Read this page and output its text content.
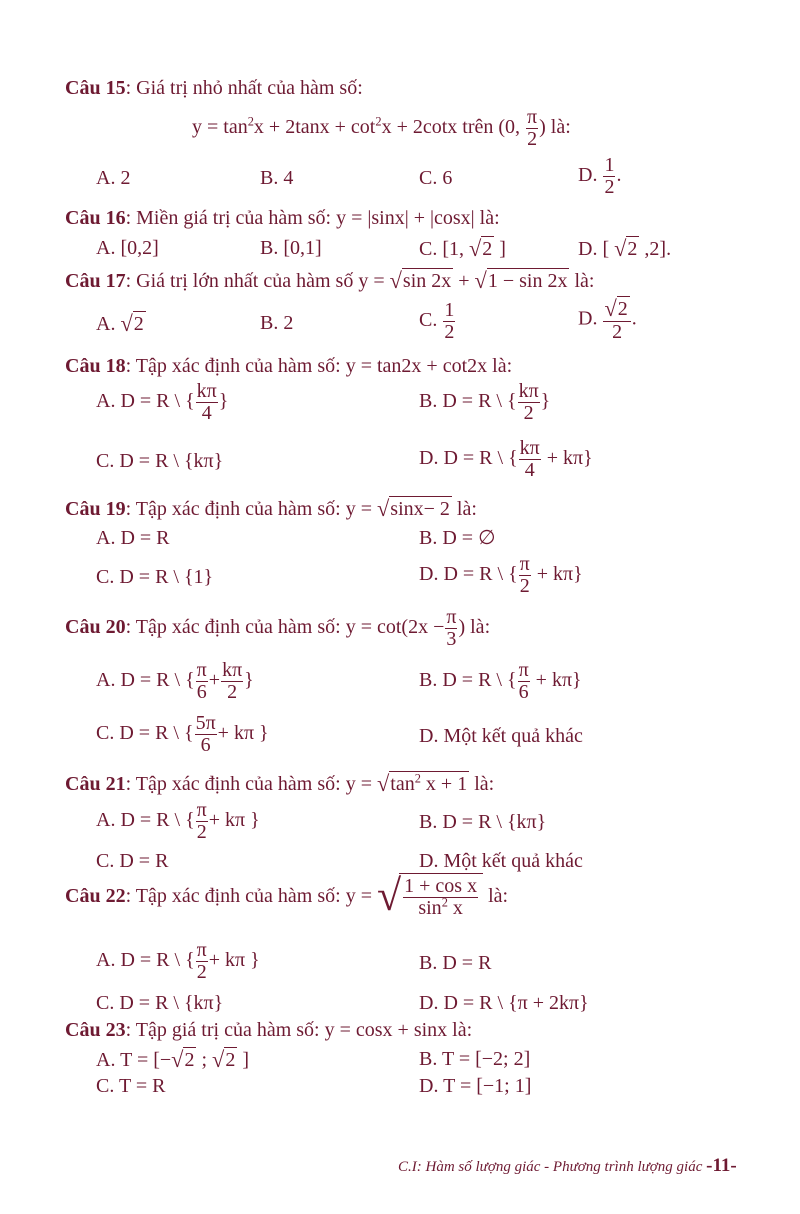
Câu 15: Giá trị nhỏ nhất của hàm số:
$y = \tan^2x + 2\tan x + \cot^2x + 2\cot x$ trên (0, $\frac{\pi}{2}$ ) là:
A. 2	B. 4	C. 6	D. $\frac{1}{2}$ .
Câu 16: Miền giá trị của hàm số: y = |sinx| + |cosx| là:
A. [0,2]	B. [0,1]	C. [1, √2 ]	D. [ √2 ,2].
Câu 17: Giá trị lớn nhất của hàm số y = √sin 2x + √1 − sin 2x là:
A. √2	B. 2	C. $\frac{1}{2}$	D. $\frac{√2}{2}$ .
Câu 18: Tập xác định của hàm số: y = tan2x + cot2x là:
A. D = R \ { $\frac{k\pi}{4}$ }	B. D = R \ { $\frac{k\pi}{2}$ }
C. D = R \ {kπ}	D. D = R \ { $\frac{k\pi}{4} + k\pi$}
Câu 19: Tập xác định của hàm số: y = √sinx− 2 là:
A. D = R	B. D = ∅
C. D = R \ {1}	D. D = R \ { $\frac{\pi}{2} + k\pi$}
Câu 20: Tập xác định của hàm số: $y = \cot(2x - \frac{\pi}{3}$ ) là:
A. D = R \ { $\frac{\pi}{6} + \frac{k\pi}{2}$ }	B. D = R \ { $\frac{\pi}{6} + k\pi$}
C. D = R \ { $\frac{5\pi}{6} + k\pi$ }	D. Một kết quả khác
Câu 21: Tập xác định của hàm số: $y = √\tan^2$ x + 1 là:
A. D = R \ { $\frac{\pi}{2} + k\pi$ }	B. D = R \ {kπ}
C. D = R	D. Một kết quả khác
Câu 22: Tập xác định của hàm số: y = √ $\frac{\text{1 + cos x}}{\sin^2 x}$ là:
A. D = R \ { $\frac{\pi}{2} + k\pi$ }	B. D = R
C. D = R \ {kπ}	D. D = R \ {π + 2kπ}
Câu 23: Tập giá trị của hàm số: y = cosx + sinx là:
A. T = [−√2 ; √2 ]	B. T = [−2; 2]
C. T = R	D. T = [−1; 1]
C.I: Hàm số lượng giác - Phương trình lượng giác -11-
